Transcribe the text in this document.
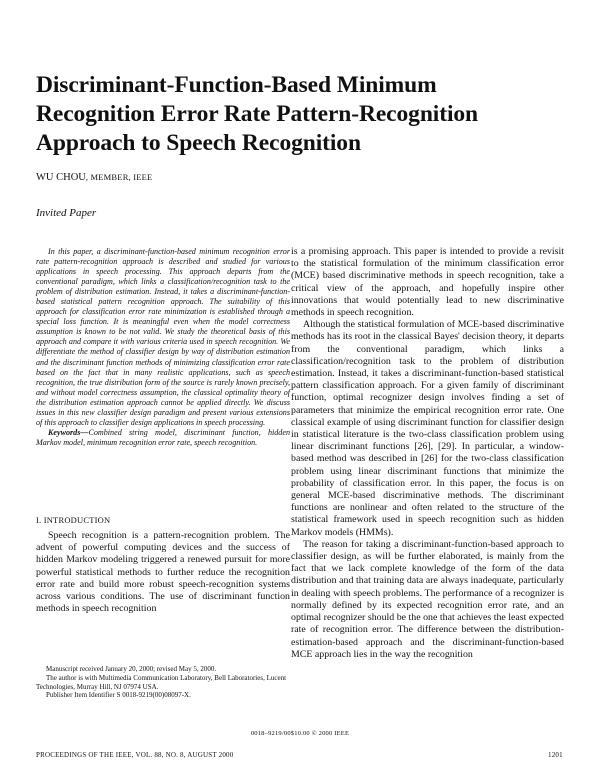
Discriminant-Function-Based Minimum
Recognition Error Rate Pattern-Recognition
Approach to Speech Recognition
WU CHOU, MEMBER, IEEE
Invited Paper

In this paper, a discriminant-function-based minimum recognition error rate pattern-recognition approach is described and studied for various applications in speech processing. This approach departs from the conventional paradigm, which links a classification/recognition task to the problem of distribution estimation. Instead, it takes a discriminant-function-based statistical pattern recognition approach. The suitability of this approach for classification error rate minimization is established through a special loss function. It is meaningful even when the model correctness assumption is known to be not valid. We study the theoretical basis of this approach and compare it with various criteria used in speech recognition. We differentiate the method of classifier design by way of distribution estimation and the discriminant function methods of minimizing classification error rate based on the fact that in many realistic applications, such as speech recognition, the true distribution form of the source is rarely known precisely, and without model correctness assumption, the classical optimality theory of the distribution estimation approach cannot be applied directly. We discuss issues in this new classifier design paradigm and present various extensions of this approach to classifier design applications in speech processing.

Keywords—Combined string model, discriminant function, hidden Markov model, minimum recognition error rate, speech recognition.

I. INTRODUCTION

Speech recognition is a pattern-recognition problem. The advent of powerful computing devices and the success of hidden Markov modeling triggered a renewed pursuit for more powerful statistical methods to further reduce the recognition error rate and build more robust speech-recognition systems across various conditions. The use of discriminant function methods in speech recognition

Manuscript received January 20, 2000; revised May 5, 2000.

The author is with Multimedia Communication Laboratory, Bell Laboratories, Lucent Technologies, Murray Hill, NJ 07974 USA.

Publisher Item Identifier S 0018-9219(00)08097-X.

is a promising approach. This paper is intended to provide a revisit to the statistical formulation of the minimum classification error (MCE) based discriminative methods in speech recognition, take a critical view of the approach, and hopefully inspire other innovations that would potentially lead to new discriminative methods in speech recognition.

Although the statistical formulation of MCE-based discriminative methods has its root in the classical Bayes' decision theory, it departs from the conventional paradigm, which links a classification/recognition task to the problem of distribution estimation. Instead, it takes a discriminant-function-based statistical pattern classification approach. For a given family of discriminant function, optimal recognizer design involves finding a set of parameters that minimize the empirical recognition error rate. One classical example of using discriminant function for classifier design in statistical literature is the two-class classification problem using linear discriminant functions [26], [29]. In particular, a window-based method was described in [26] for the two-class classification problem using linear discriminant functions that minimize the probability of classification error. In this paper, the focus is on general MCE-based discriminative methods. The discriminant functions are nonlinear and often related to the structure of the statistical framework used in speech recognition such as hidden Markov models (HMMs).

The reason for taking a discriminant-function-based approach to classifier design, as will be further elaborated, is mainly from the fact that we lack complete knowledge of the form of the data distribution and that training data are always inadequate, particularly in dealing with speech problems. The performance of a recognizer is normally defined by its expected recognition error rate, and an optimal recognizer should be the one that achieves the least expected rate of recognition error. The difference between the distribution-estimation-based approach and the discriminant-function-based MCE approach lies in the way the recognition

0018–9219/00$10.00 © 2000 IEEE
PROCEEDINGS OF THE IEEE, VOL. 88, NO. 8, AUGUST 2000	1201
